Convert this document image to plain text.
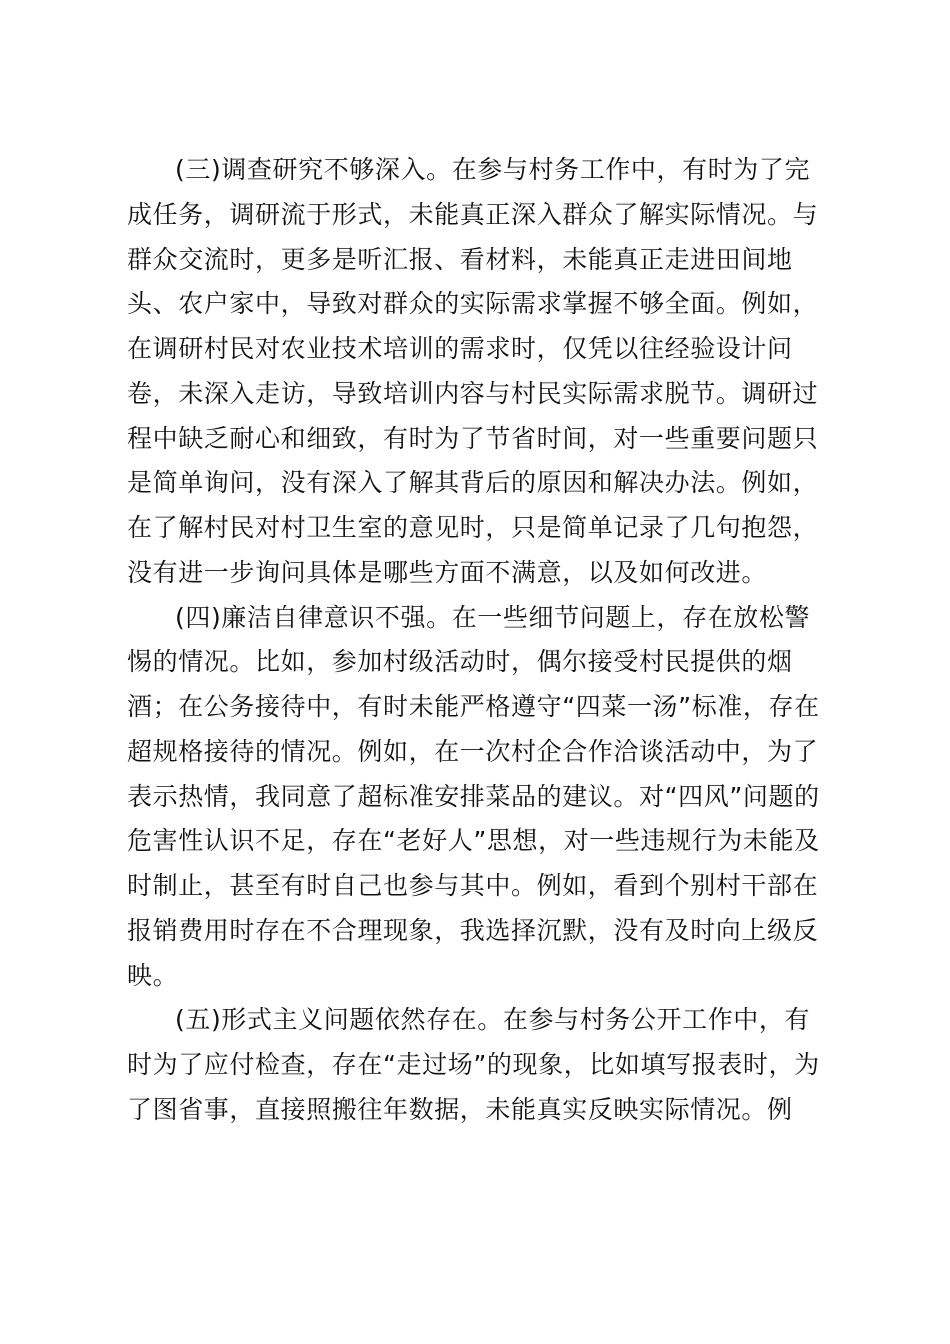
(三)调查研究不够深入。在参与村务工作中，有时为了完
成任务，调研流于形式，未能真正深入群众了解实际情况。与
群众交流时，更多是听汇报、看材料，未能真正走进田间地
头、农户家中，导致对群众的实际需求掌握不够全面。例如，
在调研村民对农业技术培训的需求时，仅凭以往经验设计问
卷，未深入走访，导致培训内容与村民实际需求脱节。调研过
程中缺乏耐心和细致，有时为了节省时间，对一些重要问题只
是简单询问，没有深入了解其背后的原因和解决办法。例如，
在了解村民对村卫生室的意见时，只是简单记录了几句抱怨，
没有进一步询问具体是哪些方面不满意，以及如何改进。
(四)廉洁自律意识不强。在一些细节问题上，存在放松警
惕的情况。比如，参加村级活动时，偶尔接受村民提供的烟
酒；在公务接待中，有时未能严格遵守“四菜一汤”标准，存在
超规格接待的情况。例如，在一次村企合作洽谈活动中，为了
表示热情，我同意了超标准安排菜品的建议。对“四风”问题的
危害性认识不足，存在“老好人”思想，对一些违规行为未能及
时制止，甚至有时自己也参与其中。例如，看到个别村干部在
报销费用时存在不合理现象，我选择沉默，没有及时向上级反
映。
(五)形式主义问题依然存在。在参与村务公开工作中，有
时为了应付检查，存在“走过场”的现象，比如填写报表时，为
了图省事，直接照搬往年数据，未能真实反映实际情况。例
